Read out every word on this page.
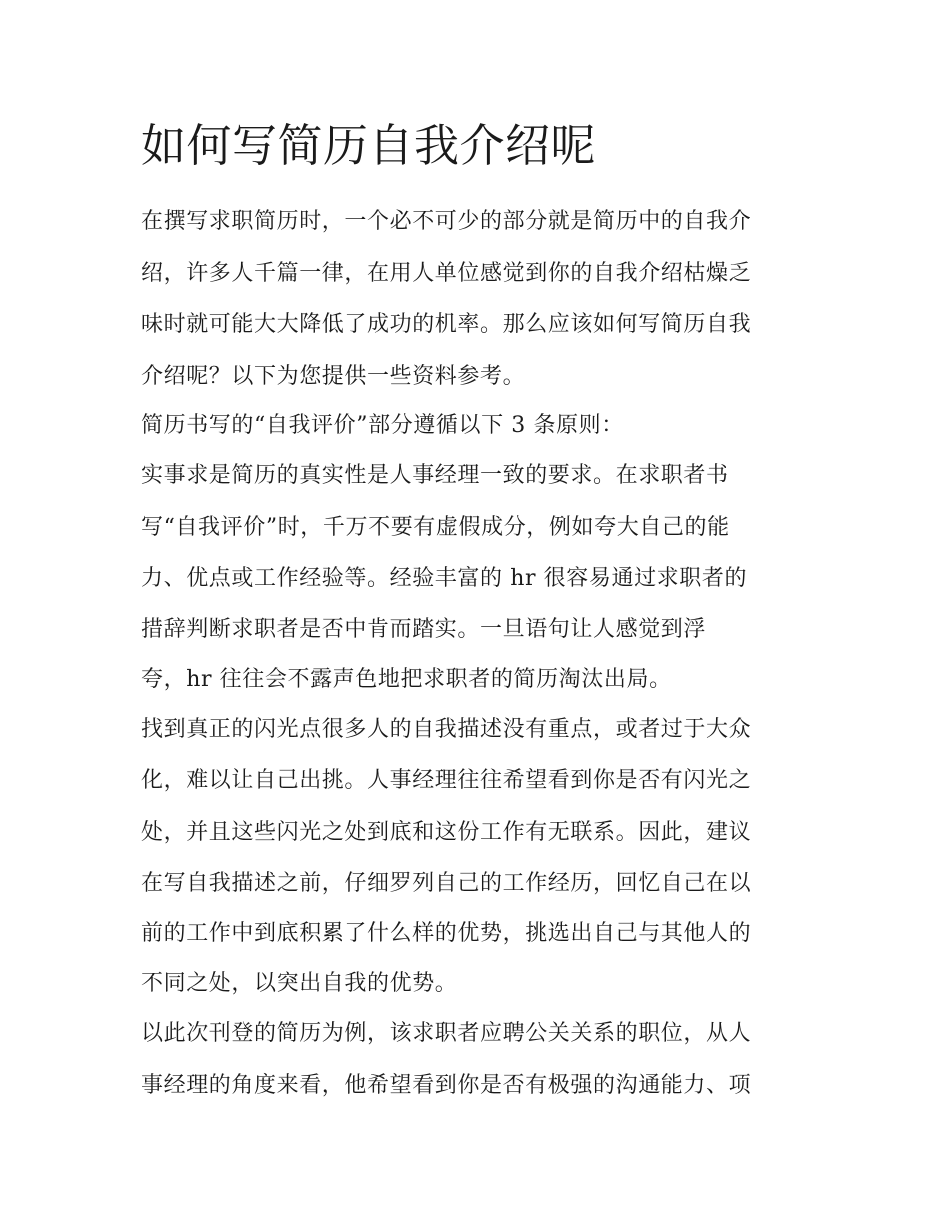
如何写简历自我介绍呢

在撰写求职简历时，一个必不可少的部分就是简历中的自我介

绍，许多人千篇一律，在用人单位感觉到你的自我介绍枯燥乏

味时就可能大大降低了成功的机率。那么应该如何写简历自我

介绍呢？以下为您提供一些资料参考。

简历书写的“自我评价”部分遵循以下 3 条原则：

实事求是简历的真实性是人事经理一致的要求。在求职者书

写“自我评价”时，千万不要有虚假成分，例如夸大自己的能

力、优点或工作经验等。经验丰富的 hr 很容易通过求职者的

措辞判断求职者是否中肯而踏实。一旦语句让人感觉到浮

夸，hr 往往会不露声色地把求职者的简历淘汰出局。

找到真正的闪光点很多人的自我描述没有重点，或者过于大众

化，难以让自己出挑。人事经理往往希望看到你是否有闪光之

处，并且这些闪光之处到底和这份工作有无联系。因此，建议

在写自我描述之前，仔细罗列自己的工作经历，回忆自己在以

前的工作中到底积累了什么样的优势，挑选出自己与其他人的

不同之处，以突出自我的优势。

以此次刊登的简历为例，该求职者应聘公关关系的职位，从人

事经理的角度来看，他希望看到你是否有极强的沟通能力、项
